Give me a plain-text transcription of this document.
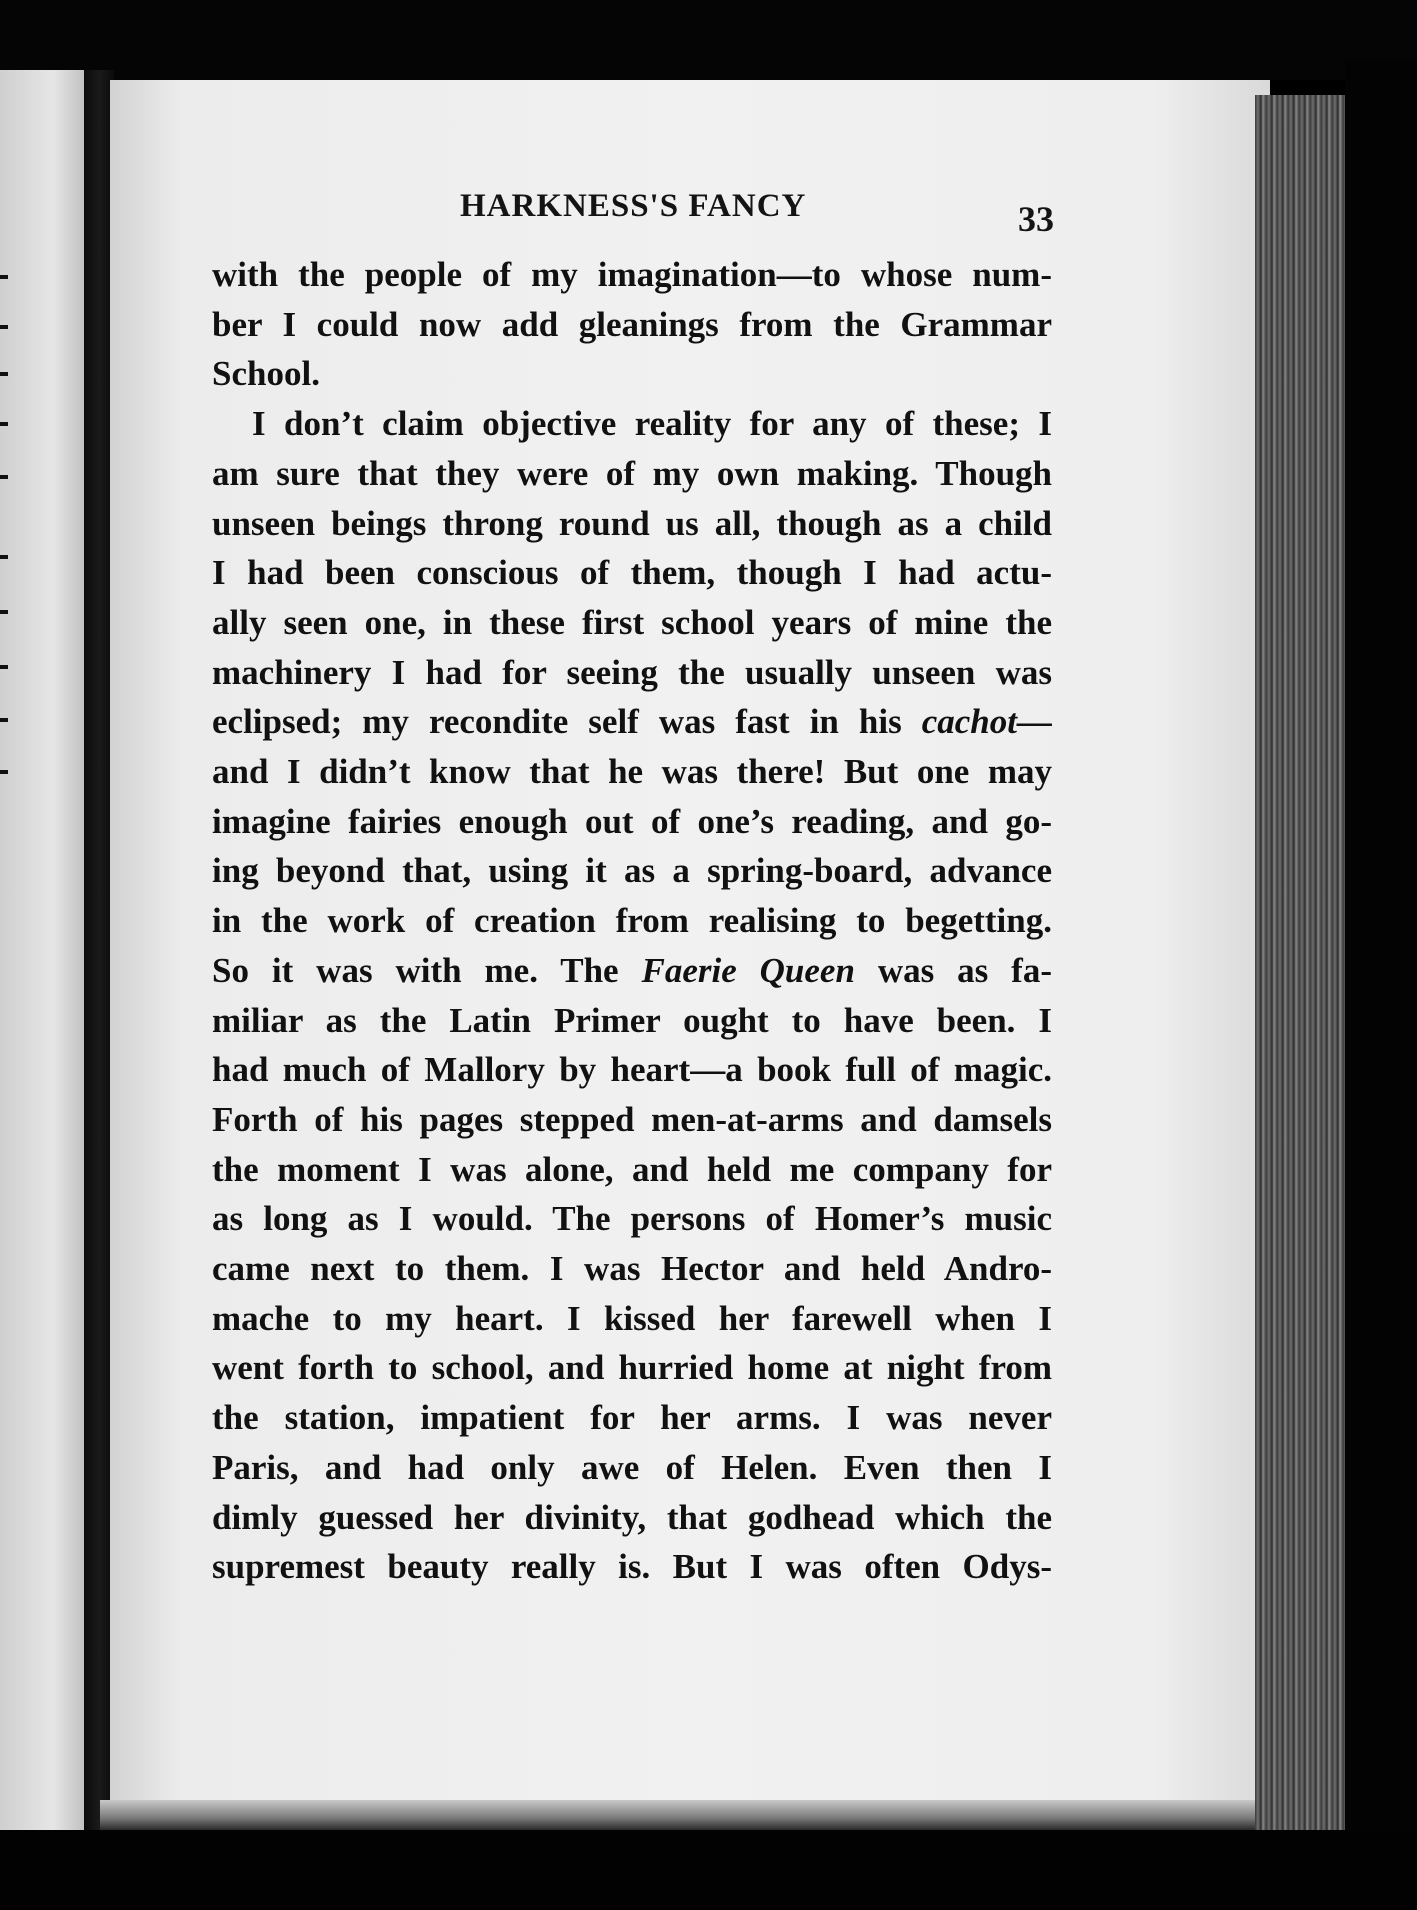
HARKNESS'S FANCY	33

with the people of my imagination—to whose num-
ber I could now add gleanings from the Grammar
School.

I don’t claim objective reality for any of these; I
am sure that they were of my own making. Though
unseen beings throng round us all, though as a child
I had been conscious of them, though I had actu-
ally seen one, in these first school years of mine the
machinery I had for seeing the usually unseen was
eclipsed; my recondite self was fast in his cachot—
and I didn’t know that he was there! But one may
imagine fairies enough out of one’s reading, and go-
ing beyond that, using it as a spring-board, advance
in the work of creation from realising to begetting.
So it was with me. The Faerie Queen was as fa-
miliar as the Latin Primer ought to have been. I
had much of Mallory by heart—a book full of magic.
Forth of his pages stepped men-at-arms and damsels
the moment I was alone, and held me company for
as long as I would. The persons of Homer’s music
came next to them. I was Hector and held Andro-
mache to my heart. I kissed her farewell when I
went forth to school, and hurried home at night from
the station, impatient for her arms. I was never
Paris, and had only awe of Helen. Even then I
dimly guessed her divinity, that godhead which the
supremest beauty really is. But I was often Odys-
